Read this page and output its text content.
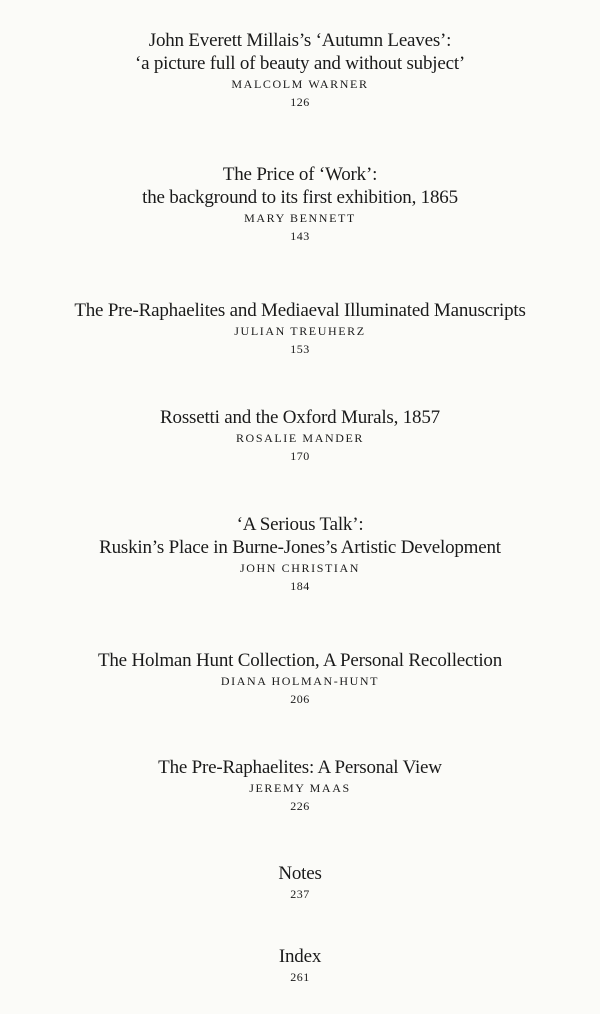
John Everett Millais’s ‘Autumn Leaves’:
‘a picture full of beauty and without subject’
MALCOLM WARNER
126
The Price of ‘Work’:
the background to its first exhibition, 1865
MARY BENNETT
143
The Pre-Raphaelites and Mediaeval Illuminated Manuscripts
JULIAN TREUHERZ
153
Rossetti and the Oxford Murals, 1857
ROSALIE MANDER
170
‘A Serious Talk’:
Ruskin’s Place in Burne-Jones’s Artistic Development
JOHN CHRISTIAN
184
The Holman Hunt Collection, A Personal Recollection
DIANA HOLMAN-HUNT
206
The Pre-Raphaelites: A Personal View
JEREMY MAAS
226
Notes
237
Index
261
